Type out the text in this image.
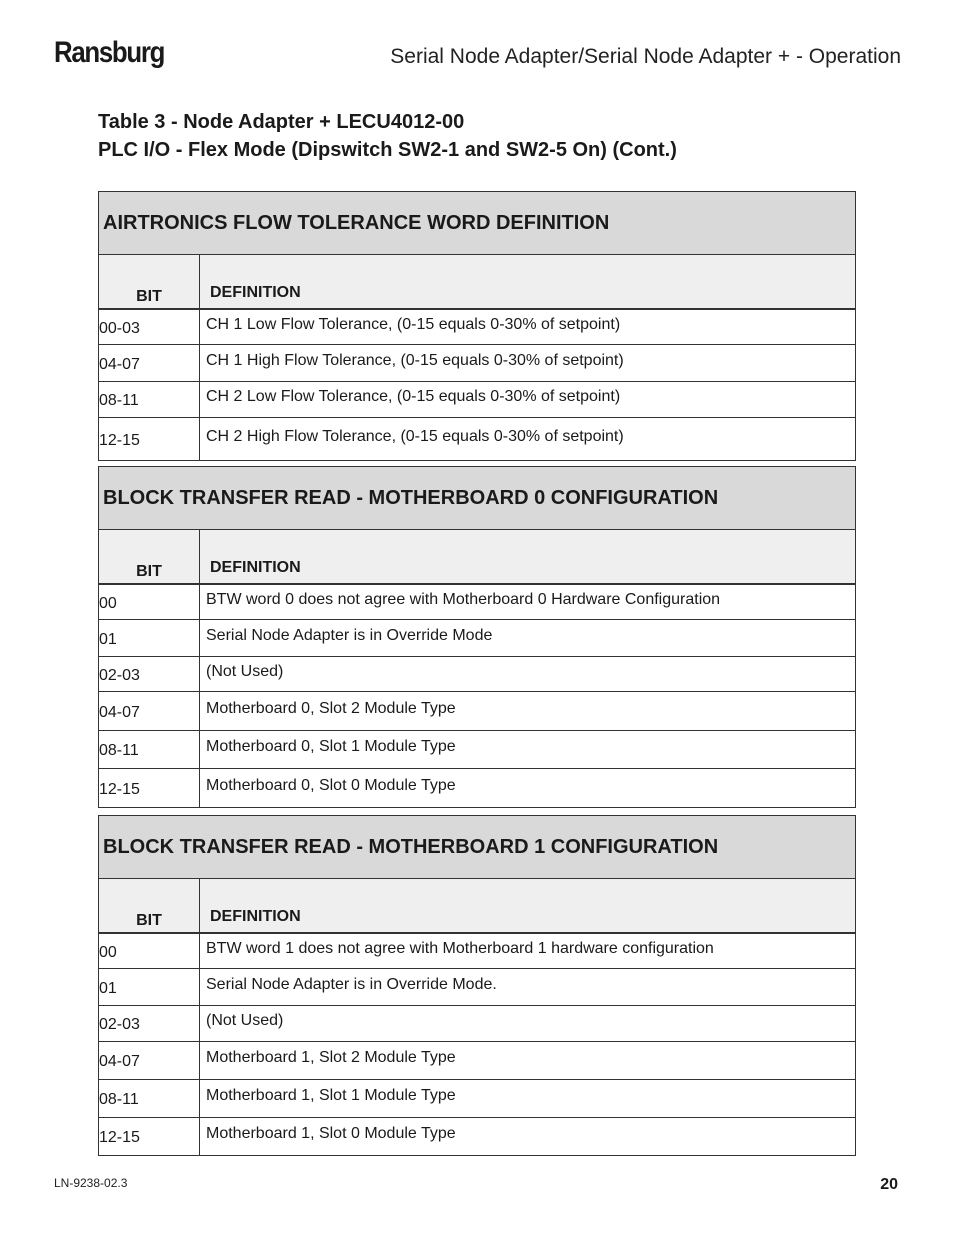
Ransburg	Serial Node Adapter/Serial Node Adapter + - Operation
Table 3 - Node Adapter + LECU4012-00
PLC I/O - Flex Mode (Dipswitch SW2-1 and SW2-5 On) (Cont.)
AIRTRONICS FLOW TOLERANCE WORD DEFINITION	
BIT	DEFINITION
00-03	CH 1 Low Flow Tolerance, (0-15 equals 0-30% of setpoint)
04-07	CH 1 High Flow Tolerance, (0-15 equals 0-30% of setpoint)
08-11	CH 2 Low Flow Tolerance, (0-15 equals 0-30% of setpoint)
12-15	CH 2 High Flow Tolerance, (0-15 equals 0-30% of setpoint)
BLOCK TRANSFER READ - MOTHERBOARD 0 CONFIGURATION	
BIT	DEFINITION
00	BTW word 0 does not agree with Motherboard 0 Hardware Configuration
01	Serial Node Adapter is in Override Mode
02-03	(Not Used)
04-07	Motherboard 0, Slot 2 Module Type
08-11	Motherboard 0, Slot 1 Module Type
12-15	Motherboard 0, Slot 0 Module Type
BLOCK TRANSFER READ - MOTHERBOARD 1 CONFIGURATION	
BIT	DEFINITION
00	BTW word 1 does not agree with Motherboard 1 hardware configuration
01	Serial Node Adapter is in Override Mode.
02-03	(Not Used)
04-07	Motherboard 1, Slot 2 Module Type
08-11	Motherboard 1, Slot 1 Module Type
12-15	Motherboard 1, Slot 0 Module Type
LN-9238-02.3	20
